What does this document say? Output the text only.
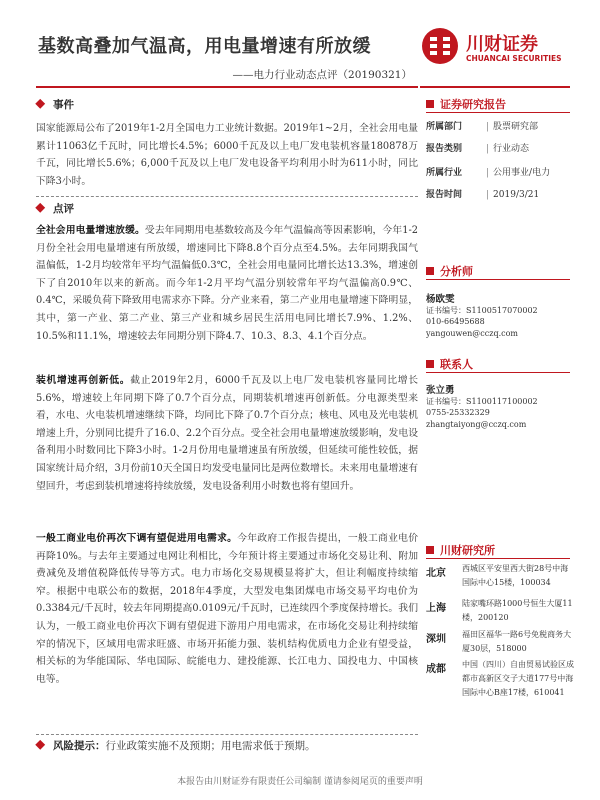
基数高叠加气温高，用电量增速有所放缓
——电力行业动态点评（20190321）
川财证券
CHUANCAI SECURITIES
事件
国家能源局公布了2019年1-2月全国电力工业统计数据。2019年1~2月，全社会用电量累计11063亿千瓦时，同比增长4.5%；6000千瓦及以上电厂发电装机容量180878万千瓦，同比增长5.6%；6,000千瓦及以上电厂发电设备平均利用小时为611小时，同比下降3小时。
点评
全社会用电量增速放缓。受去年同期用电基数较高及今年气温偏高等因素影响，今年1-2月份全社会用电量增速有所放缓，增速同比下降8.8个百分点至4.5%。去年同期我国气温偏低，1-2月均较常年平均气温偏低0.3℃，全社会用电量同比增长达13.3%，增速创下了自2010年以来的新高。而今年1-2月平均气温分别较常年平均气温偏高0.9℃、0.4℃，采暖负荷下降致用电需求亦下降。分产业来看，第二产业用电量增速下降明显，其中，第一产业、第二产业、第三产业和城乡居民生活用电同比增长7.9%、1.2%、10.5%和11.1%，增速较去年同期分别下降4.7、10.3、8.3、4.1个百分点。
装机增速再创新低。截止2019年2月，6000千瓦及以上电厂发电装机容量同比增长5.6%，增速较上年同期下降了0.7个百分点，同期装机增速再创新低。分电源类型来看，水电、火电装机增速继续下降，均同比下降了0.7个百分点；核电、风电及光电装机增速上升，分别同比提升了16.0、2.2个百分点。受全社会用电量增速放缓影响，发电设备利用小时数同比下降3小时。1-2月份用电量增速虽有所放缓，但延续可能性较低，据国家统计局介绍，3月份前10天全国日均发受电量同比是两位数增长。未来用电量增速有望回升，考虑到装机增速将持续放缓，发电设备利用小时数也将有望回升。
一般工商业电价再次下调有望促进用电需求。今年政府工作报告提出，一般工商业电价再降10%。与去年主要通过电网让利相比，今年预计将主要通过市场化交易让利、附加费减免及增值税降低传导等方式。电力市场化交易规模显将扩大，但让利幅度持续缩窄。根据中电联公布的数据，2018年4季度，大型发电集团煤电市场交易平均电价为0.3384元/千瓦时，较去年同期提高0.0109元/千瓦时，已连续四个季度保持增长。我们认为，一般工商业电价再次下调有望促进下游用户用电需求，在市场化交易让利持续缩窄的情况下，区域用电需求旺盛、市场开拓能力强、装机结构优质电力企业有望受益，相关标的为华能国际、华电国际、皖能电力、建投能源、长江电力、国投电力、中国核电等。
风险提示：行业政策实施不及预期；用电需求低于预期。
证券研究报告
所属部门	| 股票研究部
报告类别	| 行业动态
所属行业	| 公用事业/电力
报告时间	| 2019/3/21
分析师
杨欧雯
证书编号：S1100517070002
010-66495688
yangouwen@cczq.com
联系人
张立勇
证书编号：S1100117100002
0755-25332329
zhangtaiyong@cczq.com
川财研究所
北京 西城区平安里西大街28号中海国际中心15楼，100034
上海 陆家嘴环路1000号恒生大厦11楼，200120
深圳 福田区福华一路6号免税商务大厦30层，518000
成都 中国（四川）自由贸易试验区成都市高新区交子大道177号中海国际中心B座17楼，610041
本报告由川财证券有限责任公司编制 谨请参阅尾页的重要声明
